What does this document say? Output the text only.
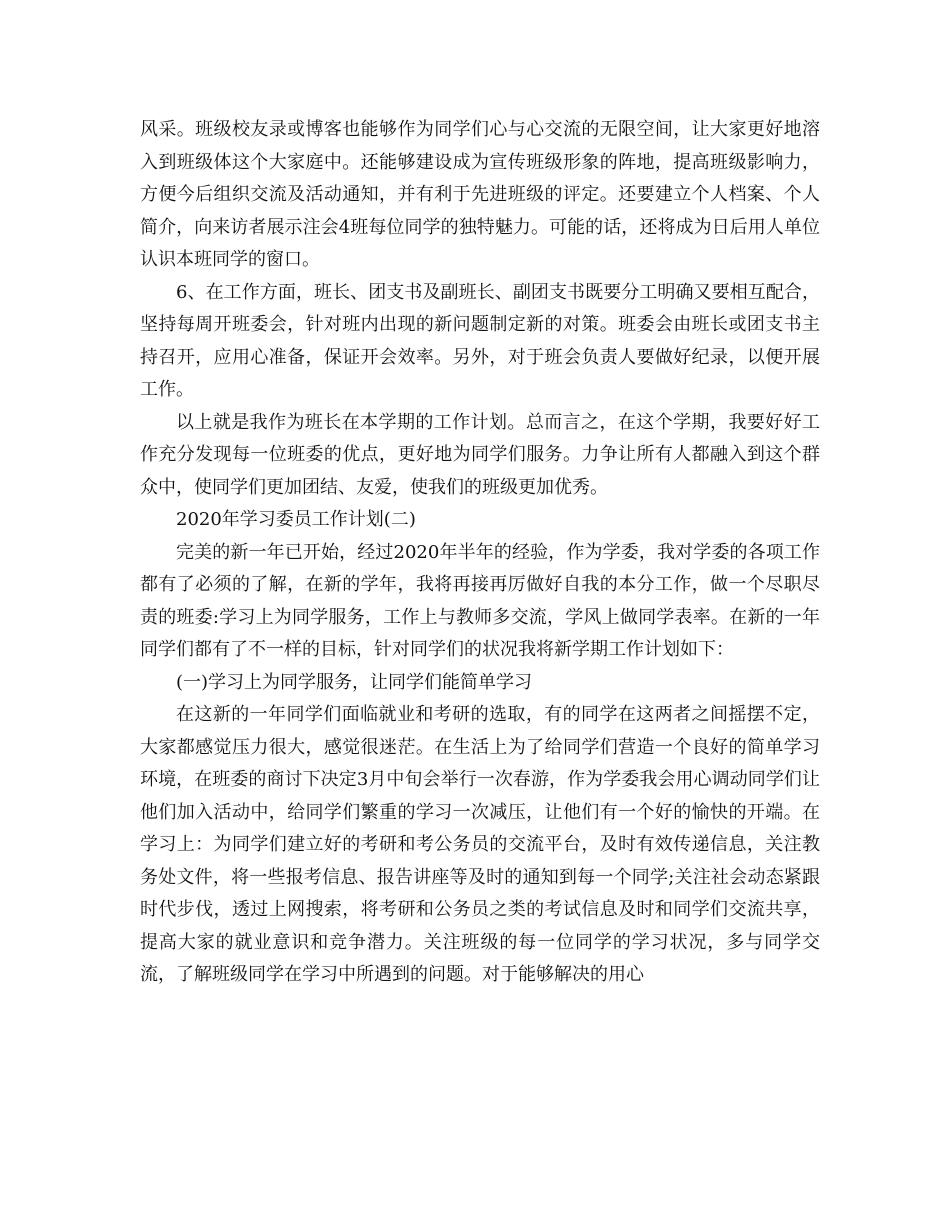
风采。班级校友录或博客也能够作为同学们心与心交流的无限空间，让大家更好地溶入到班级体这个大家庭中。还能够建设成为宣传班级形象的阵地，提高班级影响力，方便今后组织交流及活动通知，并有利于先进班级的评定。还要建立个人档案、个人简介，向来访者展示注会4班每位同学的独特魅力。可能的话，还将成为日后用人单位认识本班同学的窗口。

6、在工作方面，班长、团支书及副班长、副团支书既要分工明确又要相互配合，坚持每周开班委会，针对班内出现的新问题制定新的对策。班委会由班长或团支书主持召开，应用心准备，保证开会效率。另外，对于班会负责人要做好纪录，以便开展工作。

以上就是我作为班长在本学期的工作计划。总而言之，在这个学期，我要好好工作充分发现每一位班委的优点，更好地为同学们服务。力争让所有人都融入到这个群众中，使同学们更加团结、友爱，使我们的班级更加优秀。

2020年学习委员工作计划(二)

完美的新一年已开始，经过2020年半年的经验，作为学委，我对学委的各项工作都有了必须的了解，在新的学年，我将再接再厉做好自我的本分工作，做一个尽职尽责的班委:学习上为同学服务，工作上与教师多交流，学风上做同学表率。在新的一年同学们都有了不一样的目标，针对同学们的状况我将新学期工作计划如下：

(一)学习上为同学服务，让同学们能简单学习

在这新的一年同学们面临就业和考研的选取，有的同学在这两者之间摇摆不定，大家都感觉压力很大，感觉很迷茫。在生活上为了给同学们营造一个良好的简单学习环境，在班委的商讨下决定3月中旬会举行一次春游，作为学委我会用心调动同学们让他们加入活动中，给同学们繁重的学习一次减压，让他们有一个好的愉快的开端。在学习上：为同学们建立好的考研和考公务员的交流平台，及时有效传递信息，关注教务处文件，将一些报考信息、报告讲座等及时的通知到每一个同学;关注社会动态紧跟时代步伐，透过上网搜索，将考研和公务员之类的考试信息及时和同学们交流共享，提高大家的就业意识和竞争潜力。关注班级的每一位同学的学习状况，多与同学交流，了解班级同学在学习中所遇到的问题。对于能够解决的用心
